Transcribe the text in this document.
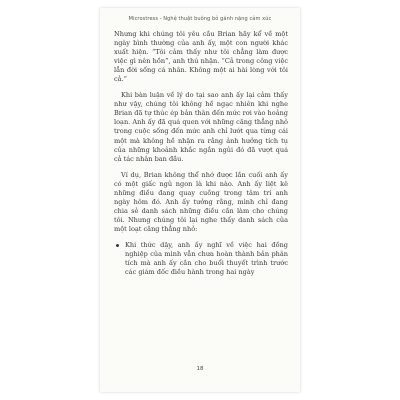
Microstress - Nghệ thuật buông bỏ gánh nặng cảm xúc

Nhưng khi chúng tôi yêu cầu Brian hãy kể về một ngày bình thường của anh ấy, một con người khác xuất hiện. “Tôi cảm thấy như tôi chẳng làm được việc gì nên hồn”, anh thú nhận. “Cả trong công việc lẫn đời sống cá nhân. Không một ai hài lòng với tôi cả.”

Khi bàn luận về lý do tại sao anh ấy lại cảm thấy như vậy, chúng tôi không hề ngạc nhiên khi nghe Brian đã tự thúc ép bản thân đến mức rơi vào hoảng loạn. Anh ấy đã quá quen với những căng thẳng nhỏ trong cuộc sống đến mức anh chỉ lướt qua từng cái một mà không hề nhận ra rằng ảnh hưởng tích tụ của những khoảnh khắc ngắn ngủi đó đã vượt quá cả tác nhân ban đầu.

Ví dụ, Brian không thể nhớ được lần cuối anh ấy có một giấc ngủ ngon là khi nào. Anh ấy liệt kê những điều đang quay cuồng trong tâm trí anh ngày hôm đó. Anh ấy tưởng rằng, mình chỉ đang chia sẻ danh sách những điều cần làm cho chúng tôi. Nhưng chúng tôi lại nghe thấy danh sách của một loạt căng thẳng nhỏ:

Khi thức dậy, anh ấy nghĩ về việc hai đồng nghiệp của mình vẫn chưa hoàn thành bản phân tích mà anh ấy cần cho buổi thuyết trình trước các giám đốc điều hành trong hai ngày
18
